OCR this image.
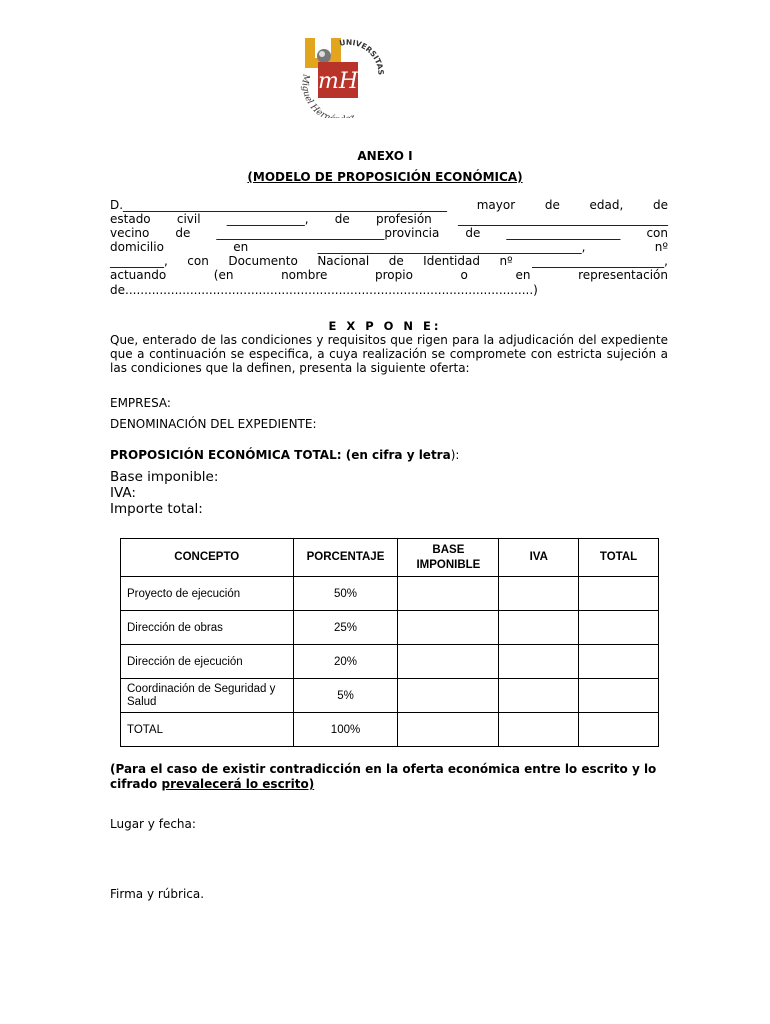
mH
UNIVERSITAS
Miguel Hern
ANEXO I
(MODELO DE PROPOSICIÓN ECONÓMICA)
D.______________________________________________________ mayor de edad, de
estado civil _____________, de profesión ___________________________________
vecino de ____________________________provincia de ___________________ con
domicilio en ____________________________________________, nº
_________, con Documento Nacional de Identidad nº ______________________,
actuando (en nombre propio o en representación
de...........................................................................................................)
E X P O N E:
Que, enterado de las condiciones y requisitos que rigen para la adjudicación del expediente que a continuación se especifica, a cuya realización se compromete con estricta sujeción a las condiciones que la definen, presenta la siguiente oferta:
EMPRESA:
DENOMINACIÓN DEL EXPEDIENTE:
PROPOSICIÓN ECONÓMICA TOTAL: (en cifra y letra):
Base imponible:
IVA:
Importe total:
CONCEPTO	PORCENTAJE	BASE IMPONIBLE	IVA	TOTAL
Proyecto de ejecución	50%			
Dirección de obras	25%			
Dirección de ejecución	20%			
Coordinación de Seguridad y Salud	5%			
TOTAL	100%			
(Para el caso de existir contradicción en la oferta económica entre lo escrito y lo cifrado prevalecerá lo escrito)
Lugar y fecha:
Firma y rúbrica.
